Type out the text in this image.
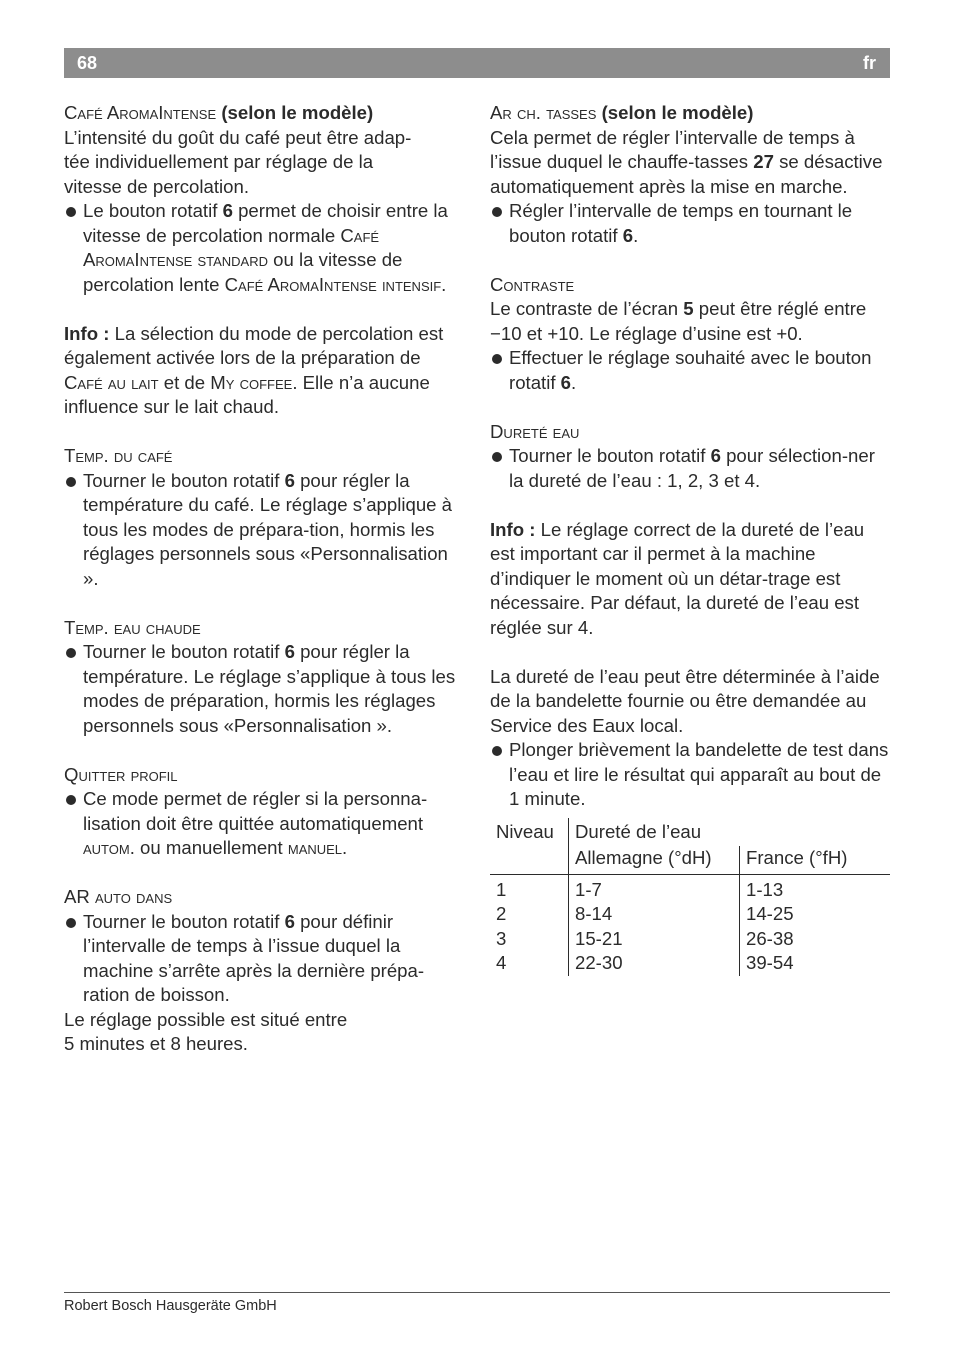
68	fr

Café AromaIntense (selon le modèle)

L’intensité du goût du café peut être adap-

tée individuellement par réglage de la

vitesse de percolation.

Le bouton rotatif 6 permet de choisir entre la vitesse de percolation normale Café AromaIntense standard ou la vitesse de percolation lente Café AromaIntense intensif.

Info : La sélection du mode de percolation est également activée lors de la préparation de Café au lait et de My coffee. Elle n’a aucune influence sur le lait chaud.

Temp. du café

Tourner le bouton rotatif 6 pour régler la température du café. Le réglage s’applique à tous les modes de prépara-tion, hormis les réglages personnels sous «Personnalisation ».

Temp. eau chaude

Tourner le bouton rotatif 6 pour régler la température. Le réglage s’applique à tous les modes de préparation, hormis les réglages personnels sous «Personnalisation ».

Quitter profil

Ce mode permet de régler si la personna-lisation doit être quittée automatiquement autom. ou manuellement manuel.

AR auto dans

Tourner le bouton rotatif 6 pour définir l’intervalle de temps à l’issue duquel la machine s’arrête après la dernière prépa-ration de boisson.

Le réglage possible est situé entre

5 minutes et 8 heures.

Ar ch. tasses (selon le modèle)

Cela permet de régler l’intervalle de temps à l’issue duquel le chauffe-tasses 27 se désactive automatiquement après la mise en marche.

Régler l’intervalle de temps en tournant le bouton rotatif 6.

Contraste

Le contraste de l’écran 5 peut être réglé entre −10 et +10. Le réglage d’usine est +0.

Effectuer le réglage souhaité avec le bouton rotatif 6.

Dureté eau

Tourner le bouton rotatif 6 pour sélection-ner la dureté de l’eau : 1, 2, 3 et 4.

Info : Le réglage correct de la dureté de l’eau est important car il permet à la machine d’indiquer le moment où un détar-trage est nécessaire. Par défaut, la dureté de l’eau est réglée sur 4.

La dureté de l’eau peut être déterminée à l’aide de la bandelette fournie ou être demandée au Service des Eaux local.

Plonger brièvement la bandelette de test dans l’eau et lire le résultat qui apparaît au bout de 1 minute.
Niveau	Dureté de l’eau	
	Allemagne (°dH)	France (°fH)
1	1-7	1-13
2	8-14	14-25
3	15-21	26-38
4	22-30	39-54
Robert Bosch Hausgeräte GmbH
